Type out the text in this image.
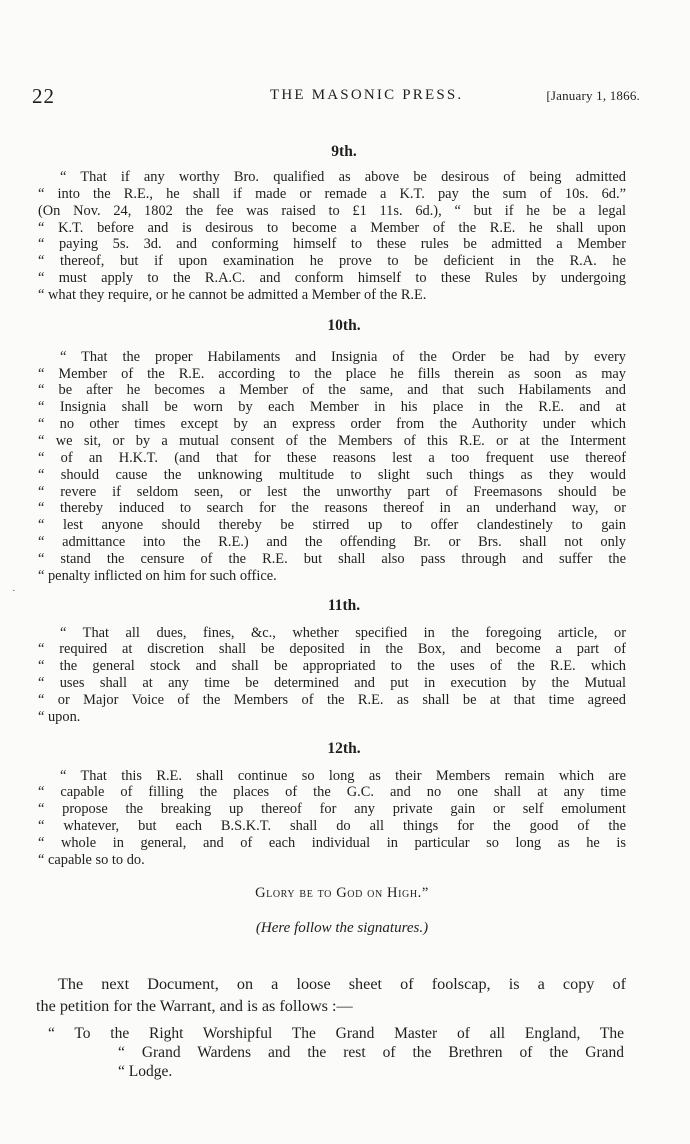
22	THE MASONIC PRESS.	[January 1, 1866.
·
9th.
“ That if any worthy Bro. qualified as above be desirous of being admitted
“ into the R.E., he shall if made or remade a K.T. pay the sum of 10s. 6d.”
(On Nov. 24, 1802 the fee was raised to £1 11s. 6d.), “ but if he be a legal
“ K.T. before and is desirous to become a Member of the R.E. he shall upon
“ paying 5s. 3d. and conforming himself to these rules be admitted a Member
“ thereof, but if upon examination he prove to be deficient in the R.A. he
“ must apply to the R.A.C. and conform himself to these Rules by undergoing
“ what they require, or he cannot be admitted a Member of the R.E.
10th.
“ That the proper Habilaments and Insignia of the Order be had by every
“ Member of the R.E. according to the place he fills therein as soon as may
“ be after he becomes a Member of the same, and that such Habilaments and
“ Insignia shall be worn by each Member in his place in the R.E. and at
“ no other times except by an express order from the Authority under which
“ we sit, or by a mutual consent of the Members of this R.E. or at the Interment
“ of an H.K.T. (and that for these reasons lest a too frequent use thereof
“ should cause the unknowing multitude to slight such things as they would
“ revere if seldom seen, or lest the unworthy part of Freemasons should be
“ thereby induced to search for the reasons thereof in an underhand way, or
“ lest anyone should thereby be stirred up to offer clandestinely to gain
“ admittance into the R.E.) and the offending Br. or Brs. shall not only
“ stand the censure of the R.E. but shall also pass through and suffer the
“ penalty inflicted on him for such office.
11th.
“ That all dues, fines, &c., whether specified in the foregoing article, or
“ required at discretion shall be deposited in the Box, and become a part of
“ the general stock and shall be appropriated to the uses of the R.E. which
“ uses shall at any time be determined and put in execution by the Mutual
“ or Major Voice of the Members of the R.E. as shall be at that time agreed
“ upon.
12th.
“ That this R.E. shall continue so long as their Members remain which are
“ capable of filling the places of the G.C. and no one shall at any time
“ propose the breaking up thereof for any private gain or self emolument
“ whatever, but each B.S.K.T. shall do all things for the good of the
“ whole in general, and of each individual in particular so long as he is
“ capable so to do.
Glory be to God on High.”
(Here follow the signatures.)
The next Document, on a loose sheet of foolscap, is a copy of
the petition for the Warrant, and is as follows :—
“ To the Right Worshipful The Grand Master of all England, The
“ Grand Wardens and the rest of the Brethren of the Grand
“ Lodge.
